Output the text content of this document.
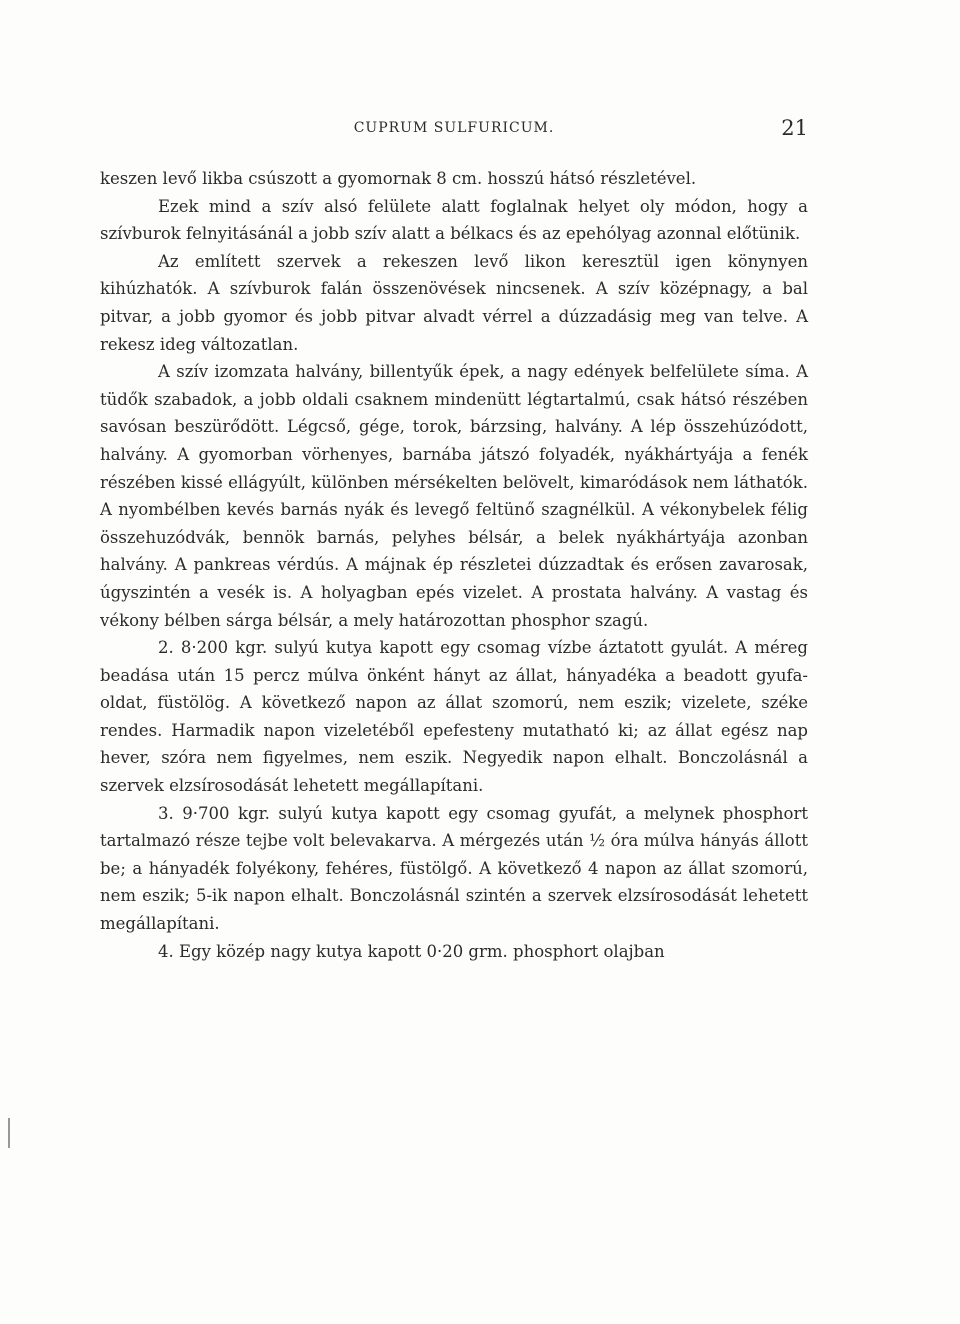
CUPRUM SULFURICUM.	21

keszen levő likba csúszott a gyomornak 8 cm. hosszú hátsó részletével.

Ezek mind a szív alsó felülete alatt foglalnak helyet oly módon, hogy a szívburok felnyitásánál a jobb szív alatt a bélkacs és az epehólyag azonnal előtünik.

Az említett szervek a rekeszen levő likon keresztül igen könynyen kihúzhatók. A szívburok falán összenövések nincsenek. A szív középnagy, a bal pitvar, a jobb gyomor és jobb pitvar alvadt vérrel a dúzzadásig meg van telve. A rekesz ideg változatlan.

A szív izomzata halvány, billentyűk épek, a nagy edények belfelülete síma. A tüdők szabadok, a jobb oldali csaknem mindenütt légtartalmú, csak hátsó részében savósan beszürődött. Légcső, gége, torok, bárzsing, halvány. A lép összehúzódott, halvány. A gyomorban vörhenyes, barnába játszó folyadék, nyákhártyája a fenék részében kissé ellágyúlt, különben mérsékelten belövelt, kimaródások nem láthatók. A nyombélben kevés barnás nyák és levegő feltünő szagnélkül. A vékonybelek félig összehuzódvák, bennök barnás, pelyhes bélsár, a belek nyákhártyája azonban halvány. A pankreas vérdús. A májnak ép részletei dúzzadtak és erősen zavarosak, úgyszintén a vesék is. A holyagban epés vizelet. A prostata halvány. A vastag és vékony bélben sárga bélsár, a mely határozottan phosphor szagú.

2. 8·200 kgr. sulyú kutya kapott egy csomag vízbe áztatott gyulát. A méreg beadása után 15 percz múlva önként hányt az állat, hányadéka a beadott gyufa-oldat, füstölög. A következő napon az állat szomorú, nem eszik; vizelete, széke rendes. Harmadik napon vizeletéből epefesteny mutatható ki; az állat egész nap hever, szóra nem figyelmes, nem eszik. Negyedik napon elhalt. Bonczolásnál a szervek elzsírosodását lehetett megállapítani.

3. 9·700 kgr. sulyú kutya kapott egy csomag gyufát, a melynek phosphort tartalmazó része tejbe volt belevakarva. A mérgezés után ½ óra múlva hányás állott be; a hányadék folyékony, fehéres, füstölgő. A következő 4 napon az állat szomorú, nem eszik; 5-ik napon elhalt. Bonczolásnál szintén a szervek elzsírosodását lehetett megállapítani.

4. Egy közép nagy kutya kapott 0·20 grm. phosphort olajban
